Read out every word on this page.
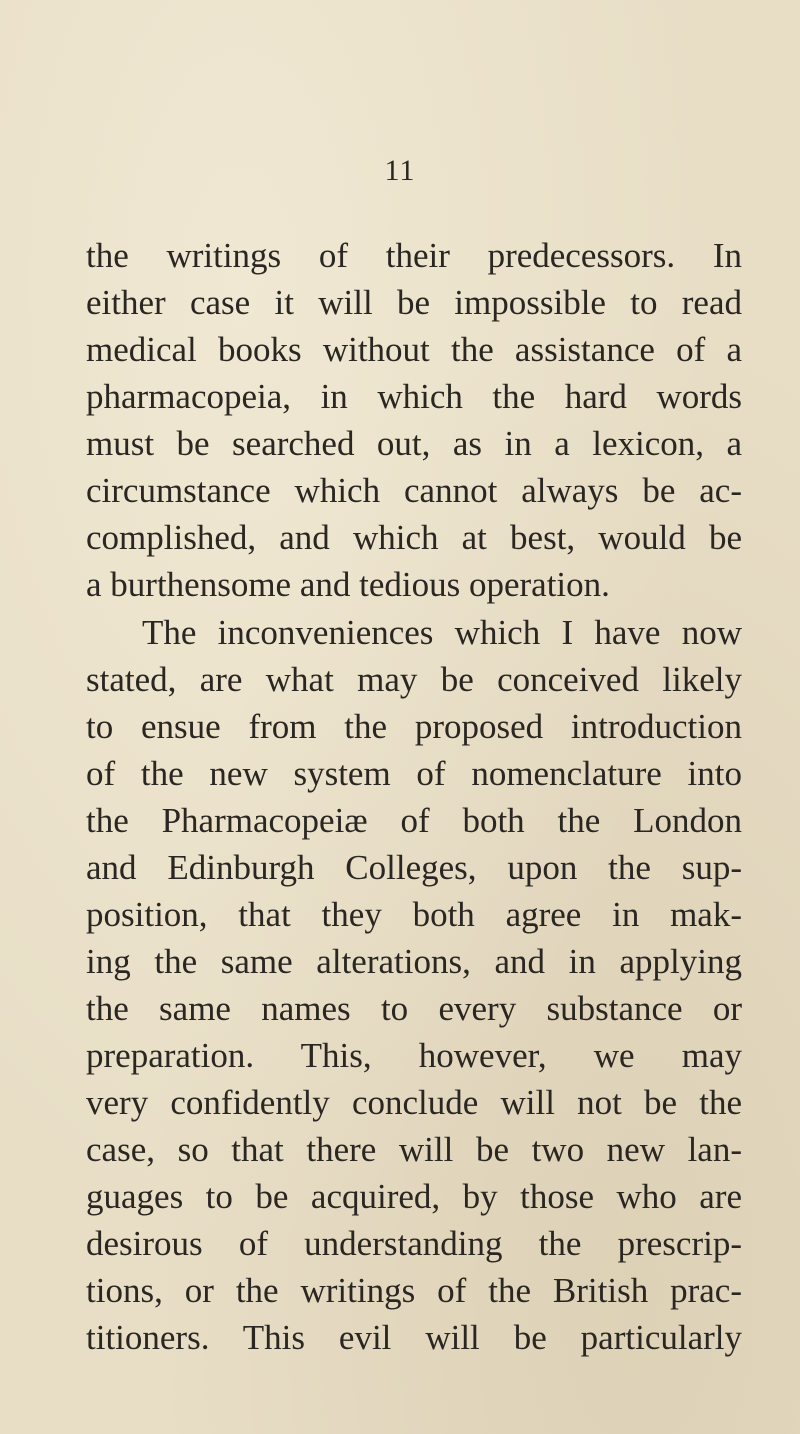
11
the writings of their predecessors. In
either case it will be impossible to read
medical books without the assistance of a
pharmacopeia, in which the hard words
must be searched out, as in a lexicon, a
circumstance which cannot always be ac-
complished, and which at best, would be
a burthensome and tedious operation.
The inconveniences which I have now
stated, are what may be conceived likely
to ensue from the proposed introduction
of the new system of nomenclature into
the Pharmacopeiæ of both the London
and Edinburgh Colleges, upon the sup-
position, that they both agree in mak-
ing the same alterations, and in applying
the same names to every substance or
preparation. This, however, we may
very confidently conclude will not be the
case, so that there will be two new lan-
guages to be acquired, by those who are
desirous of understanding the prescrip-
tions, or the writings of the British prac-
titioners. This evil will be particularly
